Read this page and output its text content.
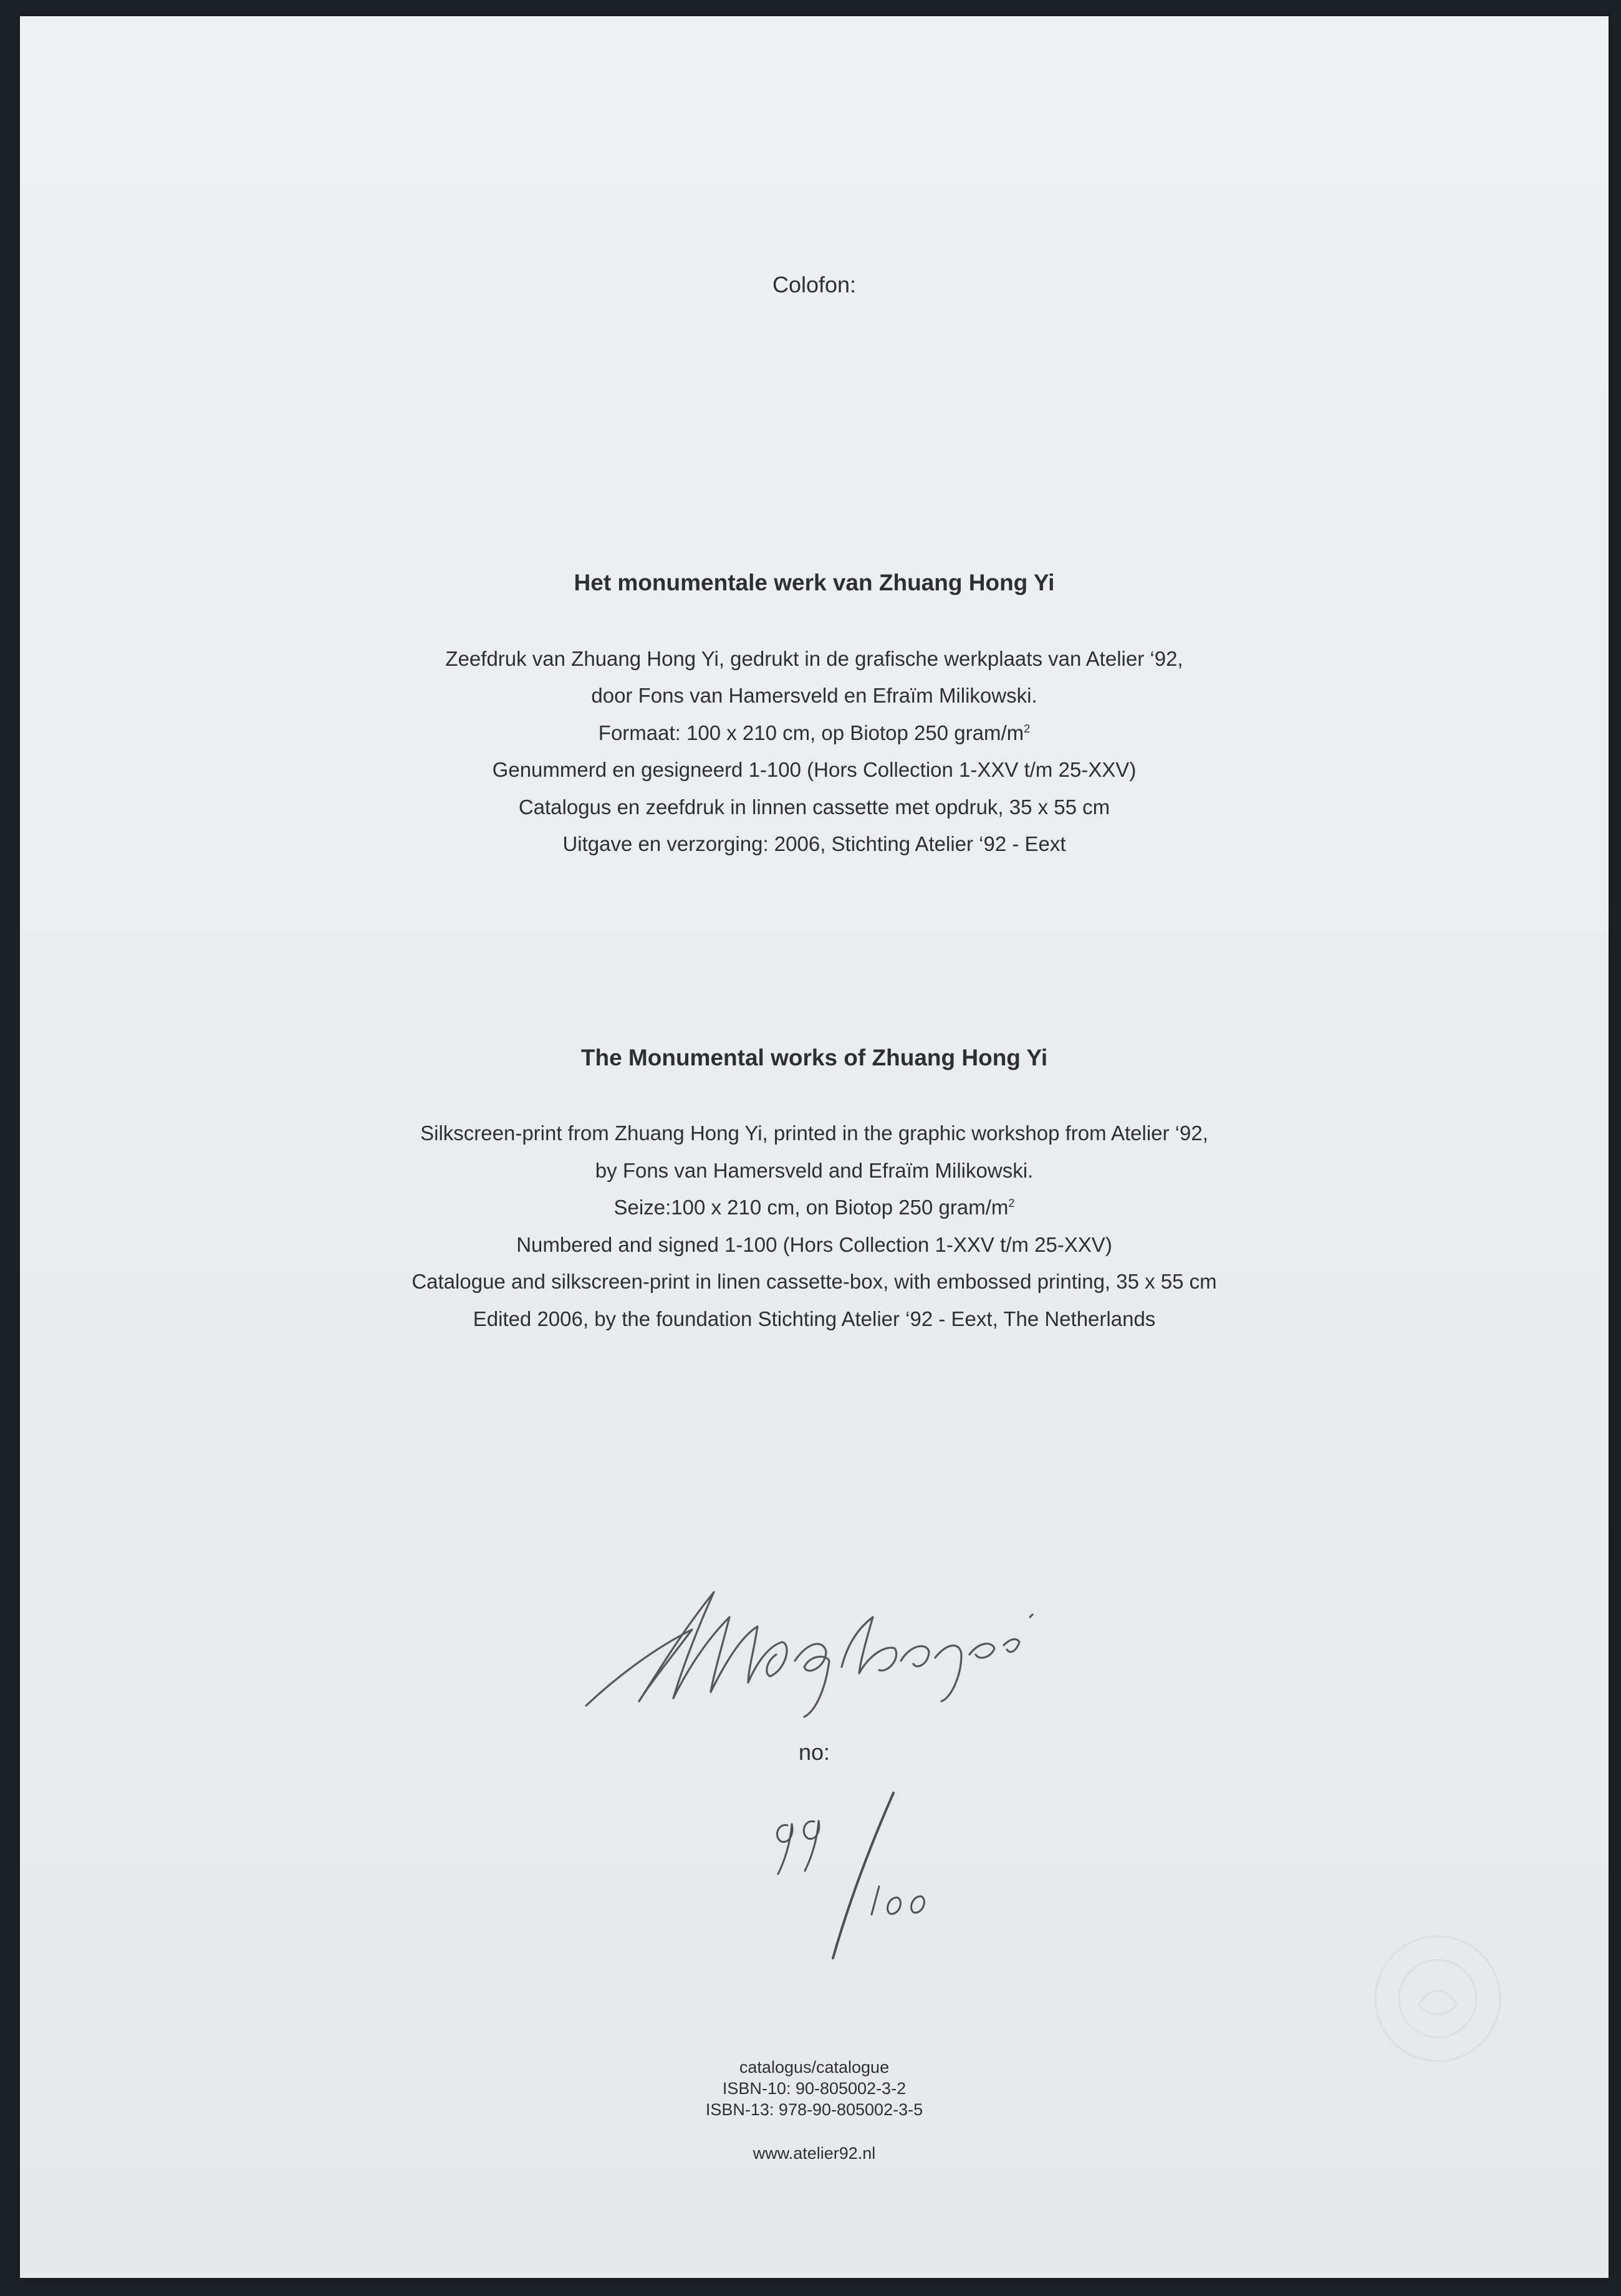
Colofon:
Het monumentale werk van Zhuang Hong Yi
Zeefdruk van Zhuang Hong Yi, gedrukt in de grafische werkplaats van Atelier ‘92,
door Fons van Hamersveld en Efraïm Milikowski.
Formaat: 100 x 210 cm, op Biotop 250 gram/$m^2$
Genummerd en gesigneerd 1-100 (Hors Collection 1-XXV t/m 25-XXV)
Catalogus en zeefdruk in linnen cassette met opdruk, 35 x 55 cm
Uitgave en verzorging: 2006, Stichting Atelier ‘92 - Eext
The Monumental works of Zhuang Hong Yi
Silkscreen-print from Zhuang Hong Yi, printed in the graphic workshop from Atelier ‘92,
by Fons van Hamersveld and Efraïm Milikowski.
Seize:100 x 210 cm, on Biotop 250 gram/$m^2$
Numbered and signed 1-100 (Hors Collection 1-XXV t/m 25-XXV)
Catalogue and silkscreen-print in linen cassette-box, with embossed printing, 35 x 55 cm
Edited 2006, by the foundation Stichting Atelier ‘92 - Eext, The Netherlands
no:
catalogus/catalogue
ISBN-10: 90-805002-3-2
ISBN-13: 978-90-805002-3-5
www.atelier92.nl
